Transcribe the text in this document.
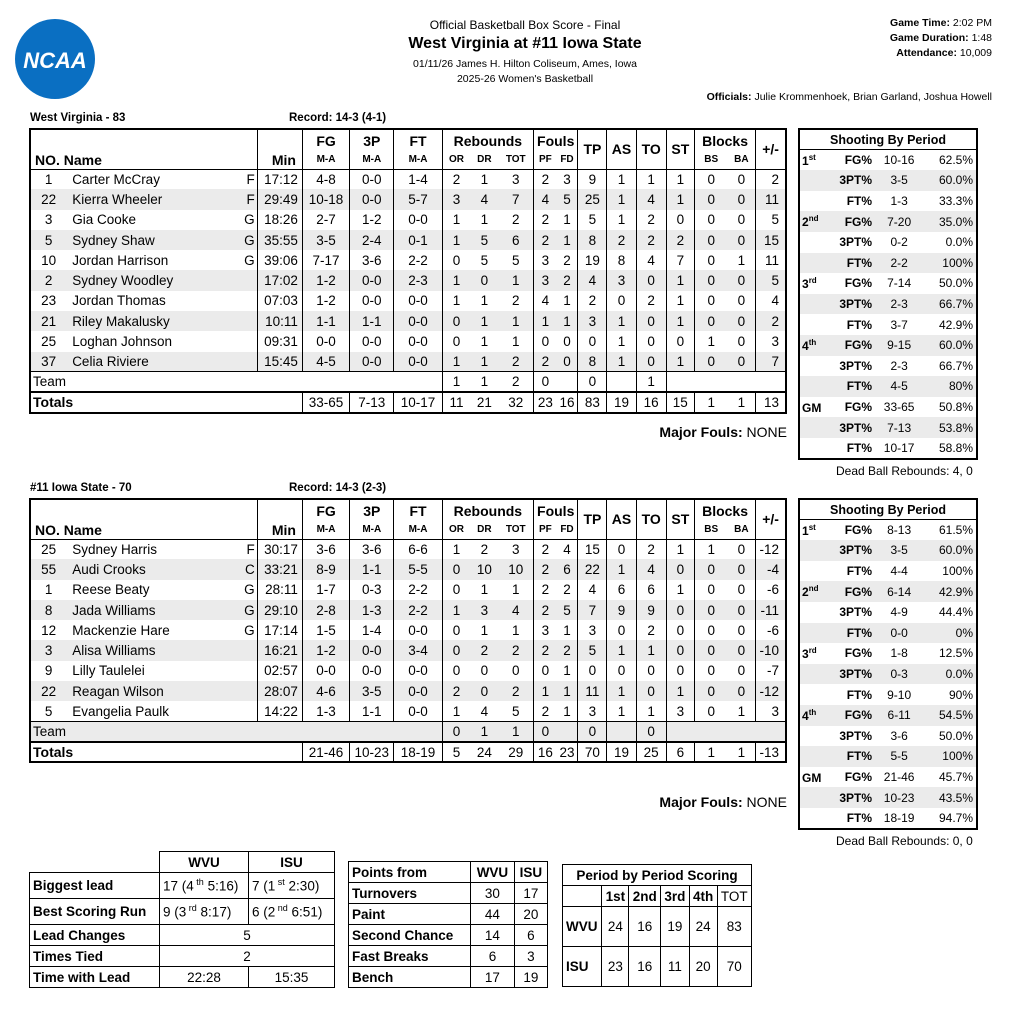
NCAA
Official Basketball Box Score - Final
West Virginia at #11 Iowa State
01/11/26 James H. Hilton Coliseum, Ames, Iowa
2025-26 Women's Basketball
Game Time: 2:02 PM
Game Duration: 1:48
Attendance: 10,009
Officials: Julie Krommenhoek, Brian Garland, Joshua Howell
West Virginia - 83	Record: 14-3 (4-1)
			FG	3P	FT	Rebounds			Fouls		TP	AS	TO	ST	Blocks		+/-
NO. Name		Min	M-A	M-A	M-A	OR	DR	TOT	PF	FD					BS	BA	
1	Carter McCray F	17:12	4-8	0-0	1-4	2	1	3	2	3	9	1	1	1	0	0	2
22	Kierra Wheeler F	29:49	10-18	0-0	5-7	3	4	7	4	5	25	1	4	1	0	0	11
3	Gia Cooke G	18:26	2-7	1-2	0-0	1	1	2	2	1	5	1	2	0	0	0	5
5	Sydney Shaw G	35:55	3-5	2-4	0-1	1	5	6	2	1	8	2	2	2	0	0	15
10	Jordan Harrison G	39:06	7-17	3-6	2-2	0	5	5	3	2	19	8	4	7	0	1	11
2	Sydney Woodley	17:02	1-2	0-0	2-3	1	0	1	3	2	4	3	0	1	0	0	5
23	Jordan Thomas	07:03	1-2	0-0	0-0	1	1	2	4	1	2	0	2	1	0	0	4
21	Riley Makalusky	10:11	1-1	1-1	0-0	0	1	1	1	1	3	1	0	1	0	0	2
25	Loghan Johnson	09:31	0-0	0-0	0-0	0	1	1	0	0	0	1	0	0	1	0	3
37	Celia Riviere	15:45	4-5	0-0	0-0	1	1	2	2	0	8	1	0	1	0	0	7
Team						1	1	2	0		0		1				
Totals			33-65	7-13	10-17	11	21	32	23	16	83	19	16	15	1	1	13
Major Fouls: NONE
Shooting By Period			
1st	FG%	10-16	62.5%
	3PT%	3-5	60.0%
	FT%	1-3	33.3%
2nd	FG%	7-20	35.0%
	3PT%	0-2	0.0%
	FT%	2-2	100%
3rd	FG%	7-14	50.0%
	3PT%	2-3	66.7%
	FT%	3-7	42.9%
4th	FG%	9-15	60.0%
	3PT%	2-3	66.7%
	FT%	4-5	80%
GM	FG%	33-65	50.8%
	3PT%	7-13	53.8%
	FT%	10-17	58.8%
Dead Ball Rebounds: 4, 0
#11 Iowa State - 70	Record: 14-3 (2-3)
			FG	3P	FT	Rebounds			Fouls		TP	AS	TO	ST	Blocks		+/-
NO. Name		Min	M-A	M-A	M-A	OR	DR	TOT	PF	FD					BS	BA	
25	Sydney Harris F	30:17	3-6	3-6	6-6	1	2	3	2	4	15	0	2	1	1	0	-12
55	Audi Crooks C	33:21	8-9	1-1	5-5	0	10	10	2	6	22	1	4	0	0	0	-4
1	Reese Beaty G	28:11	1-7	0-3	2-2	0	1	1	2	2	4	6	6	1	0	0	-6
8	Jada Williams G	29:10	2-8	1-3	2-2	1	3	4	2	5	7	9	9	0	0	0	-11
12	Mackenzie Hare G	17:14	1-5	1-4	0-0	0	1	1	3	1	3	0	2	0	0	0	-6
3	Alisa Williams	16:21	1-2	0-0	3-4	0	2	2	2	2	5	1	1	0	0	0	-10
9	Lilly Taulelei	02:57	0-0	0-0	0-0	0	0	0	0	1	0	0	0	0	0	0	-7
22	Reagan Wilson	28:07	4-6	3-5	0-0	2	0	2	1	1	11	1	0	1	0	0	-12
5	Evangelia Paulk	14:22	1-3	1-1	0-0	1	4	5	2	1	3	1	1	3	0	1	3
Team						0	1	1	0		0		0				
Totals			21-46	10-23	18-19	5	24	29	16	23	70	19	25	6	1	1	-13
Major Fouls: NONE
Shooting By Period			
1st	FG%	8-13	61.5%
	3PT%	3-5	60.0%
	FT%	4-4	100%
2nd	FG%	6-14	42.9%
	3PT%	4-9	44.4%
	FT%	0-0	0%
3rd	FG%	1-8	12.5%
	3PT%	0-3	0.0%
	FT%	9-10	90%
4th	FG%	6-11	54.5%
	3PT%	3-6	50.0%
	FT%	5-5	100%
GM	FG%	21-46	45.7%
	3PT%	10-23	43.5%
	FT%	18-19	94.7%
Dead Ball Rebounds: 0, 0
	WVU	ISU
Biggest lead	17 (4 $^{th}$ 5:16)	7 (1 $^{st}$ 2:30)
Best Scoring Run	9 (3 $^{rd}$ 8:17)	6 (2 $^{nd}$ 6:51)
Lead Changes	5	
Times Tied	2	
Time with Lead	22:28	15:35
Points from	WVU	ISU
Turnovers	30	17
Paint	44	20
Second Chance	14	6
Fast Breaks	6	3
Bench	17	19
Period by Period Scoring					
	1st	2nd	3rd	4th	TOT
WVU	24	16	19	24	83
ISU	23	16	11	20	70
